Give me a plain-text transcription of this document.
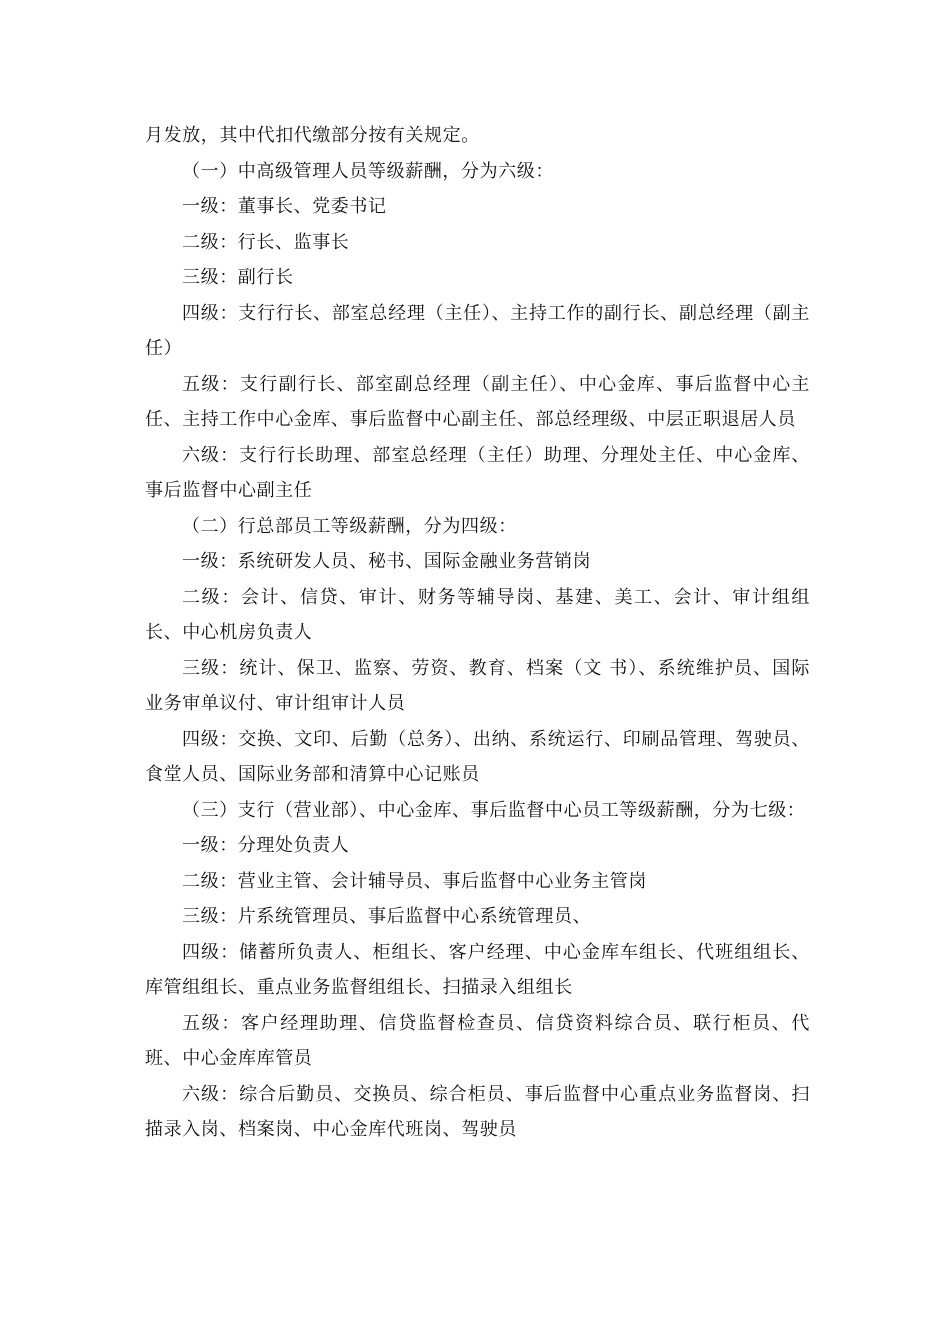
月发放，其中代扣代缴部分按有关规定。

（一）中高级管理人员等级薪酬，分为六级：

一级：董事长、党委书记

二级：行长、监事长

三级：副行长

四级：支行行长、部室总经理（主任）、主持工作的副行长、副总经理（副主任）

五级：支行副行长、部室副总经理（副主任）、中心金库、事后监督中心主任、主持工作中心金库、事后监督中心副主任、部总经理级、中层正职退居人员

六级：支行行长助理、部室总经理（主任）助理、分理处主任、中心金库、事后监督中心副主任

（二）行总部员工等级薪酬，分为四级：

一级：系统研发人员、秘书、国际金融业务营销岗

二级：会计、信贷、审计、财务等辅导岗、基建、美工、会计、审计组组长、中心机房负责人

三级：统计、保卫、监察、劳资、教育、档案（文 书）、系统维护员、国际业务审单议付、审计组审计人员

四级：交换、文印、后勤（总务）、出纳、系统运行、印刷品管理、驾驶员、食堂人员、国际业务部和清算中心记账员

（三）支行（营业部）、中心金库、事后监督中心员工等级薪酬，分为七级：

一级：分理处负责人

二级：营业主管、会计辅导员、事后监督中心业务主管岗

三级：片系统管理员、事后监督中心系统管理员、

四级：储蓄所负责人、柜组长、客户经理、中心金库车组长、代班组组长、库管组组长、重点业务监督组组长、扫描录入组组长

五级：客户经理助理、信贷监督检查员、信贷资料综合员、联行柜员、代班、中心金库库管员

六级：综合后勤员、交换员、综合柜员、事后监督中心重点业务监督岗、扫描录入岗、档案岗、中心金库代班岗、驾驶员
